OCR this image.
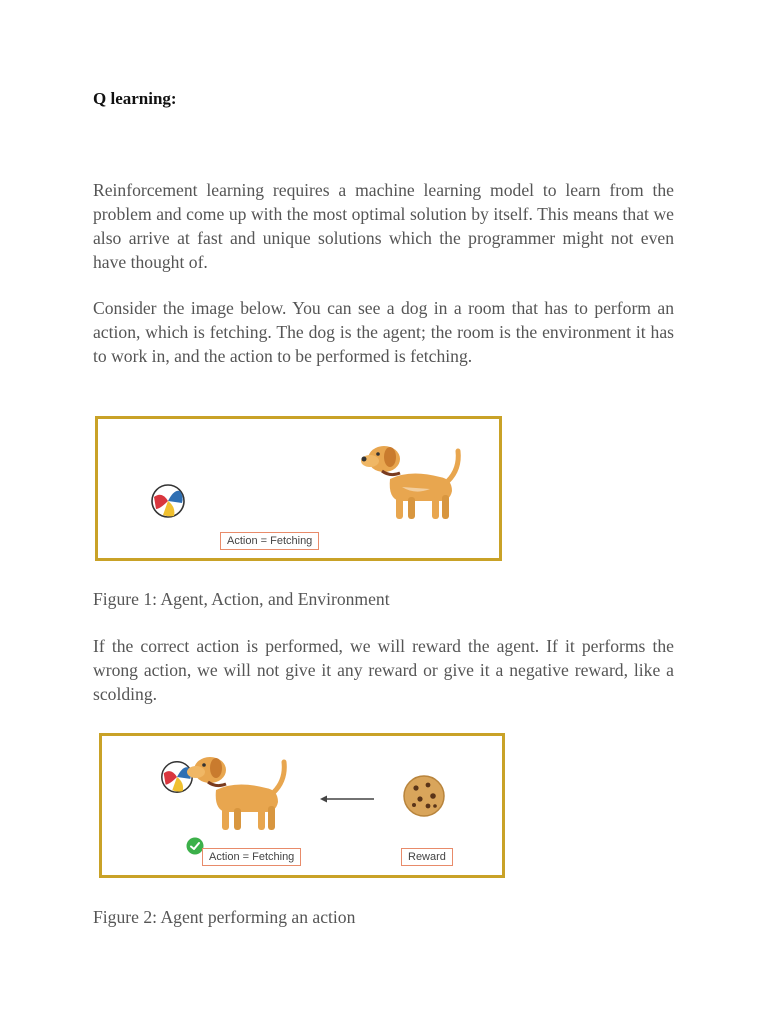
Q learning:

Reinforcement learning requires a machine learning model to learn from the problem and come up with the most optimal solution by itself. This means that we also arrive at fast and unique solutions which the programmer might not even have thought of.

Consider the image below. You can see a dog in a room that has to perform an action, which is fetching. The dog is the agent; the room is the environment it has to work in, and the action to be performed is fetching.

Action = Fetching

Figure 1: Agent, Action, and Environment

If the correct action is performed, we will reward the agent. If it performs the wrong action, we will not give it any reward or give it a negative reward, like a scolding.

Action = Fetching	Reward

Figure 2: Agent performing an action
